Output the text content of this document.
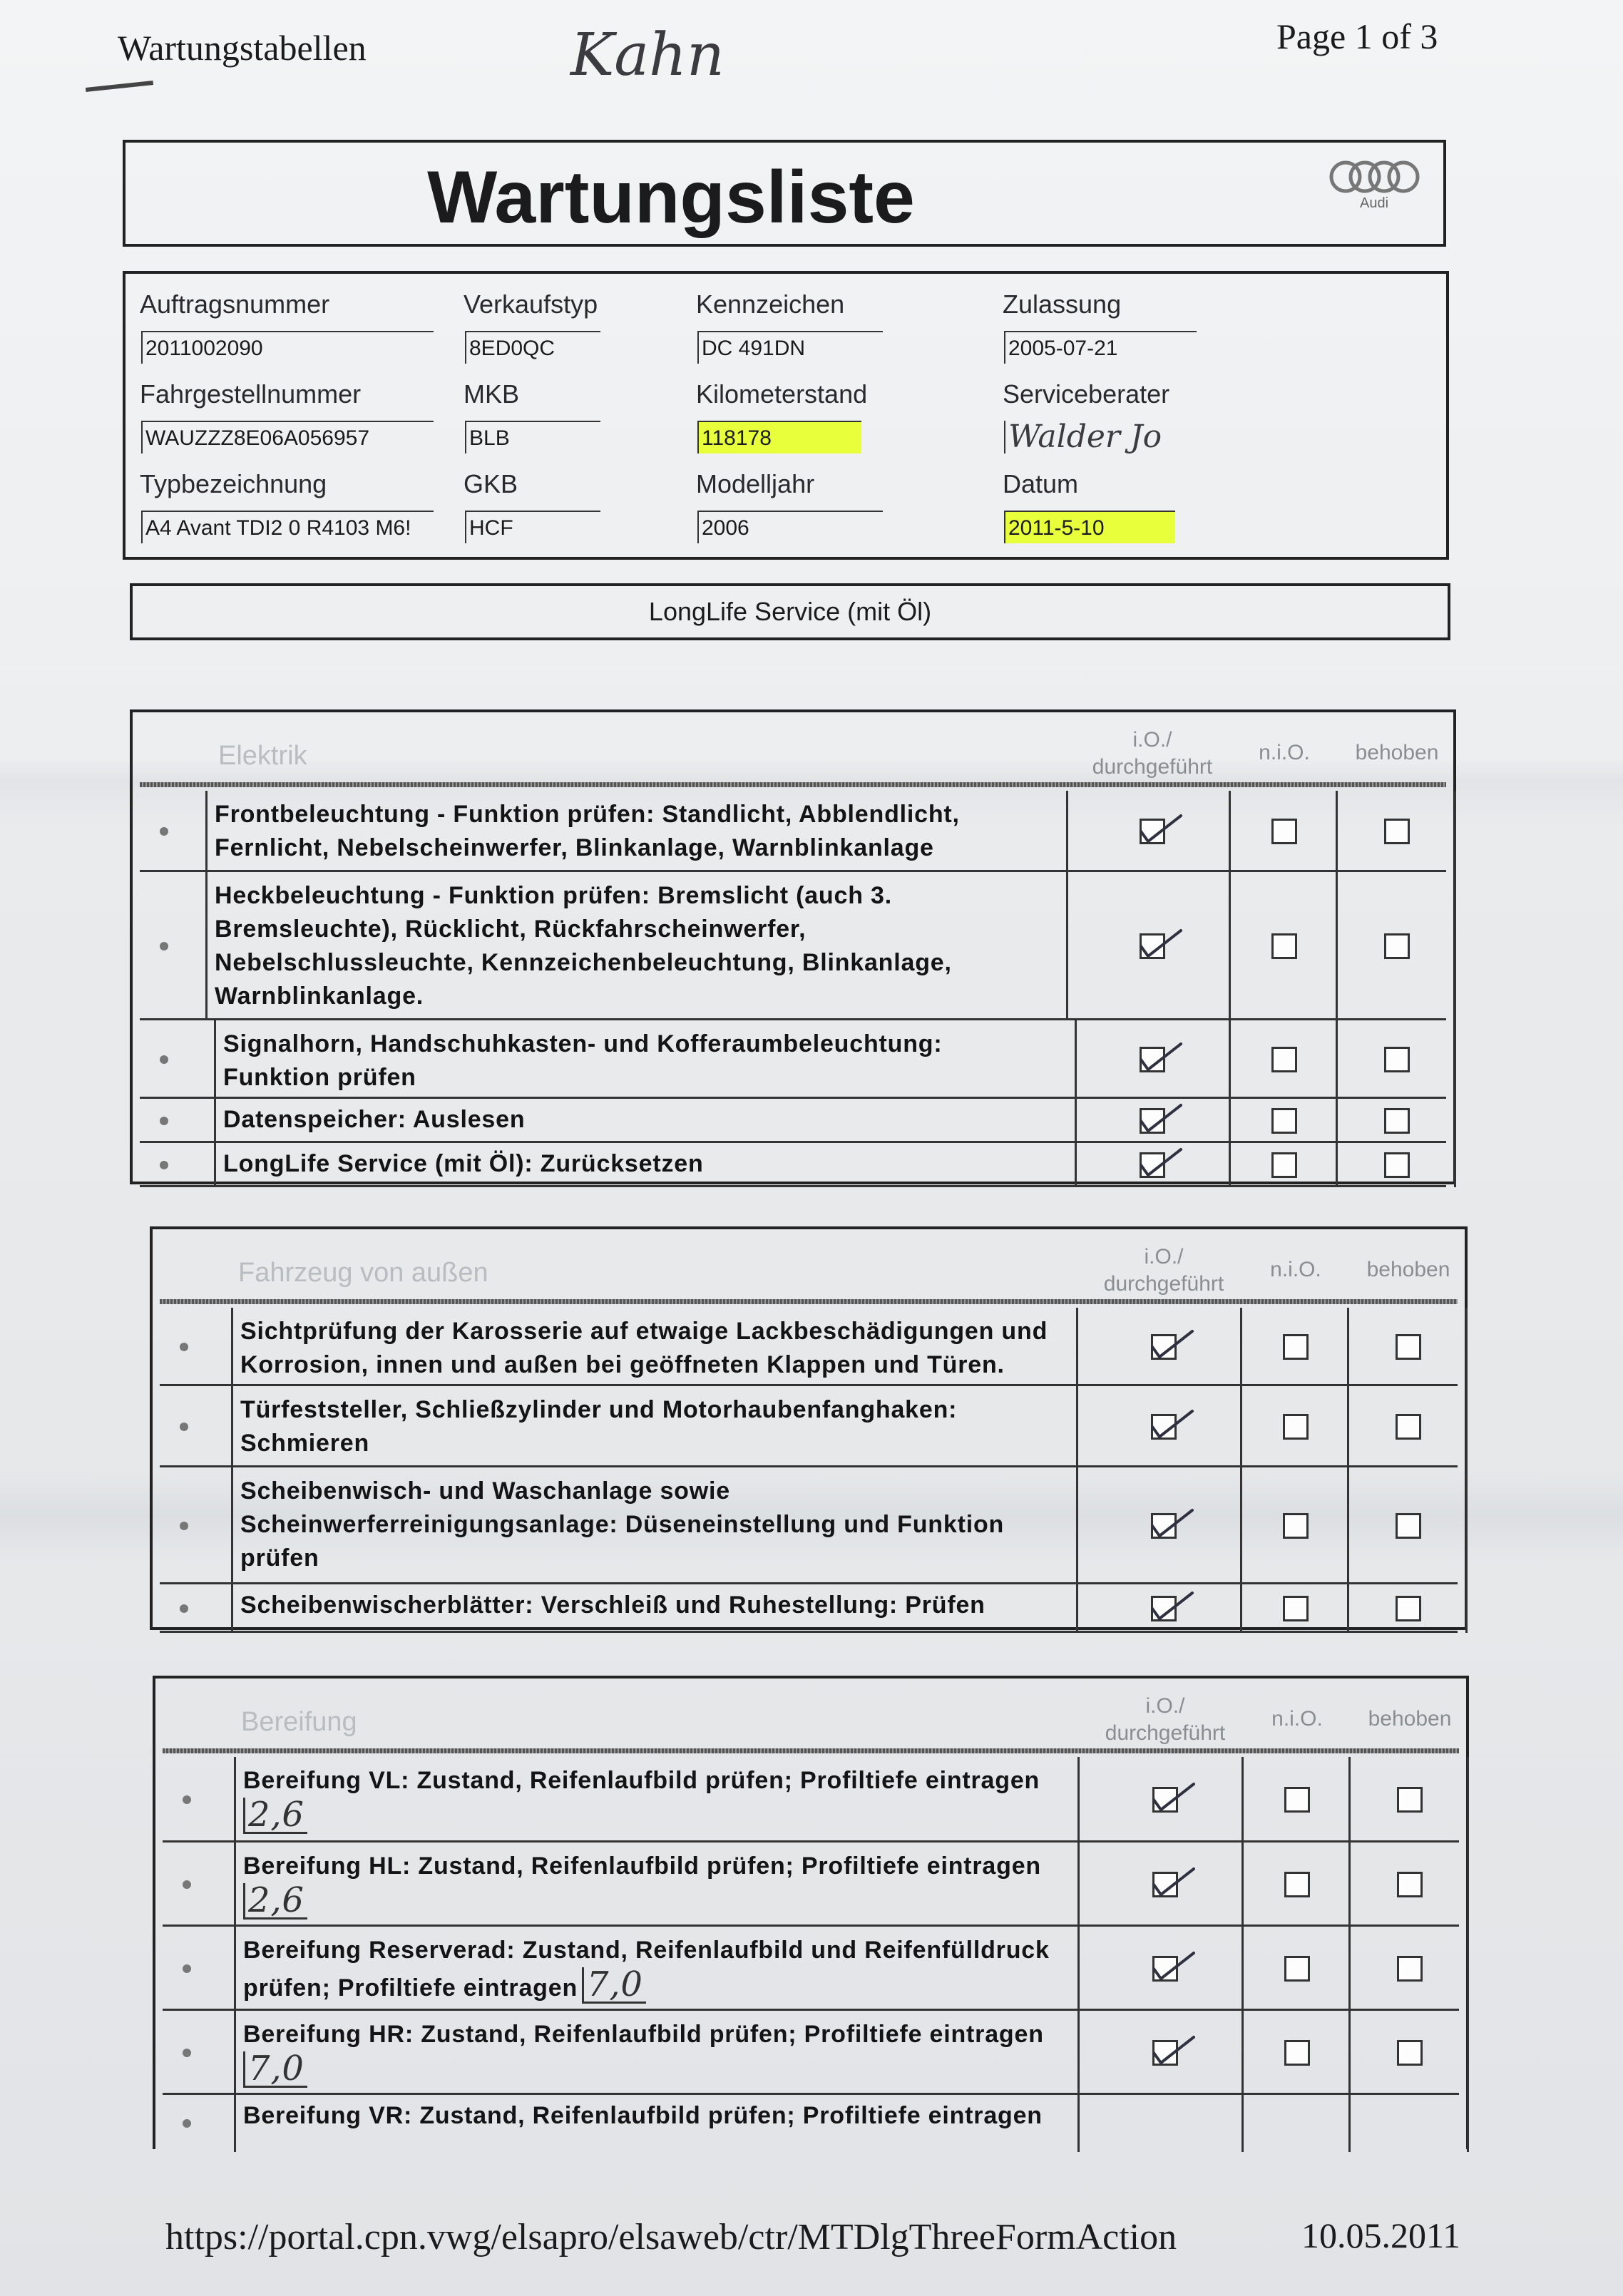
Wartungstabellen	Kahn	Page 1 of 3
Wartungsliste	Audi
Auftragsnummer
2011002090
Verkaufstyp
8ED0QC
Kennzeichen
DC 491DN
Zulassung
2005-07-21
Fahrgestellnummer
WAUZZZ8E06A056957
MKB
BLB
Kilometerstand
118178
Serviceberater
Walder Jo
Typbezeichnung
A4 Avant TDI2 0 R4103 M6!
GKB
HCF
Modelljahr
2006
Datum
2011-5-10
LongLife Service (mit Öl)
Elektrik
i.O./
durchgeführt
n.i.O.	behoben
Frontbeleuchtung - Funktion prüfen: Standlicht, Abblendlicht,
Fernlicht, Nebelscheinwerfer, Blinkanlage, Warnblinkanlage
Heckbeleuchtung - Funktion prüfen: Bremslicht (auch 3.
Bremsleuchte), Rücklicht, Rückfahrscheinwerfer,
Nebelschlussleuchte, Kennzeichenbeleuchtung, Blinkanlage,
Warnblinkanlage.
Signalhorn, Handschuhkasten- und Kofferaumbeleuchtung:
Funktion prüfen
Datenspeicher: Auslesen
LongLife Service (mit Öl): Zurücksetzen
Fahrzeug von außen
i.O./
durchgeführt
n.i.O.	behoben
Sichtprüfung der Karosserie auf etwaige Lackbeschädigungen und
Korrosion, innen und außen bei geöffneten Klappen und Türen.
Türfeststeller, Schließzylinder und Motorhaubenfanghaken:
Schmieren
Scheibenwisch- und Waschanlage sowie
Scheinwerferreinigungsanlage: Düseneinstellung und Funktion
prüfen
Scheibenwischerblätter: Verschleiß und Ruhestellung: Prüfen
Bereifung
i.O./
durchgeführt
n.i.O.	behoben
Bereifung VL: Zustand, Reifenlaufbild prüfen; Profiltiefe eintragen
2,6
Bereifung HL: Zustand, Reifenlaufbild prüfen; Profiltiefe eintragen
2,6
Bereifung Reserverad: Zustand, Reifenlaufbild und Reifenfülldruck
prüfen; Profiltiefe eintragen 7,0
Bereifung HR: Zustand, Reifenlaufbild prüfen; Profiltiefe eintragen
7,0
Bereifung VR: Zustand, Reifenlaufbild prüfen; Profiltiefe eintragen
https://portal.cpn.vwg/elsapro/elsaweb/ctr/MTDlgThreeFormAction	10.05.2011
